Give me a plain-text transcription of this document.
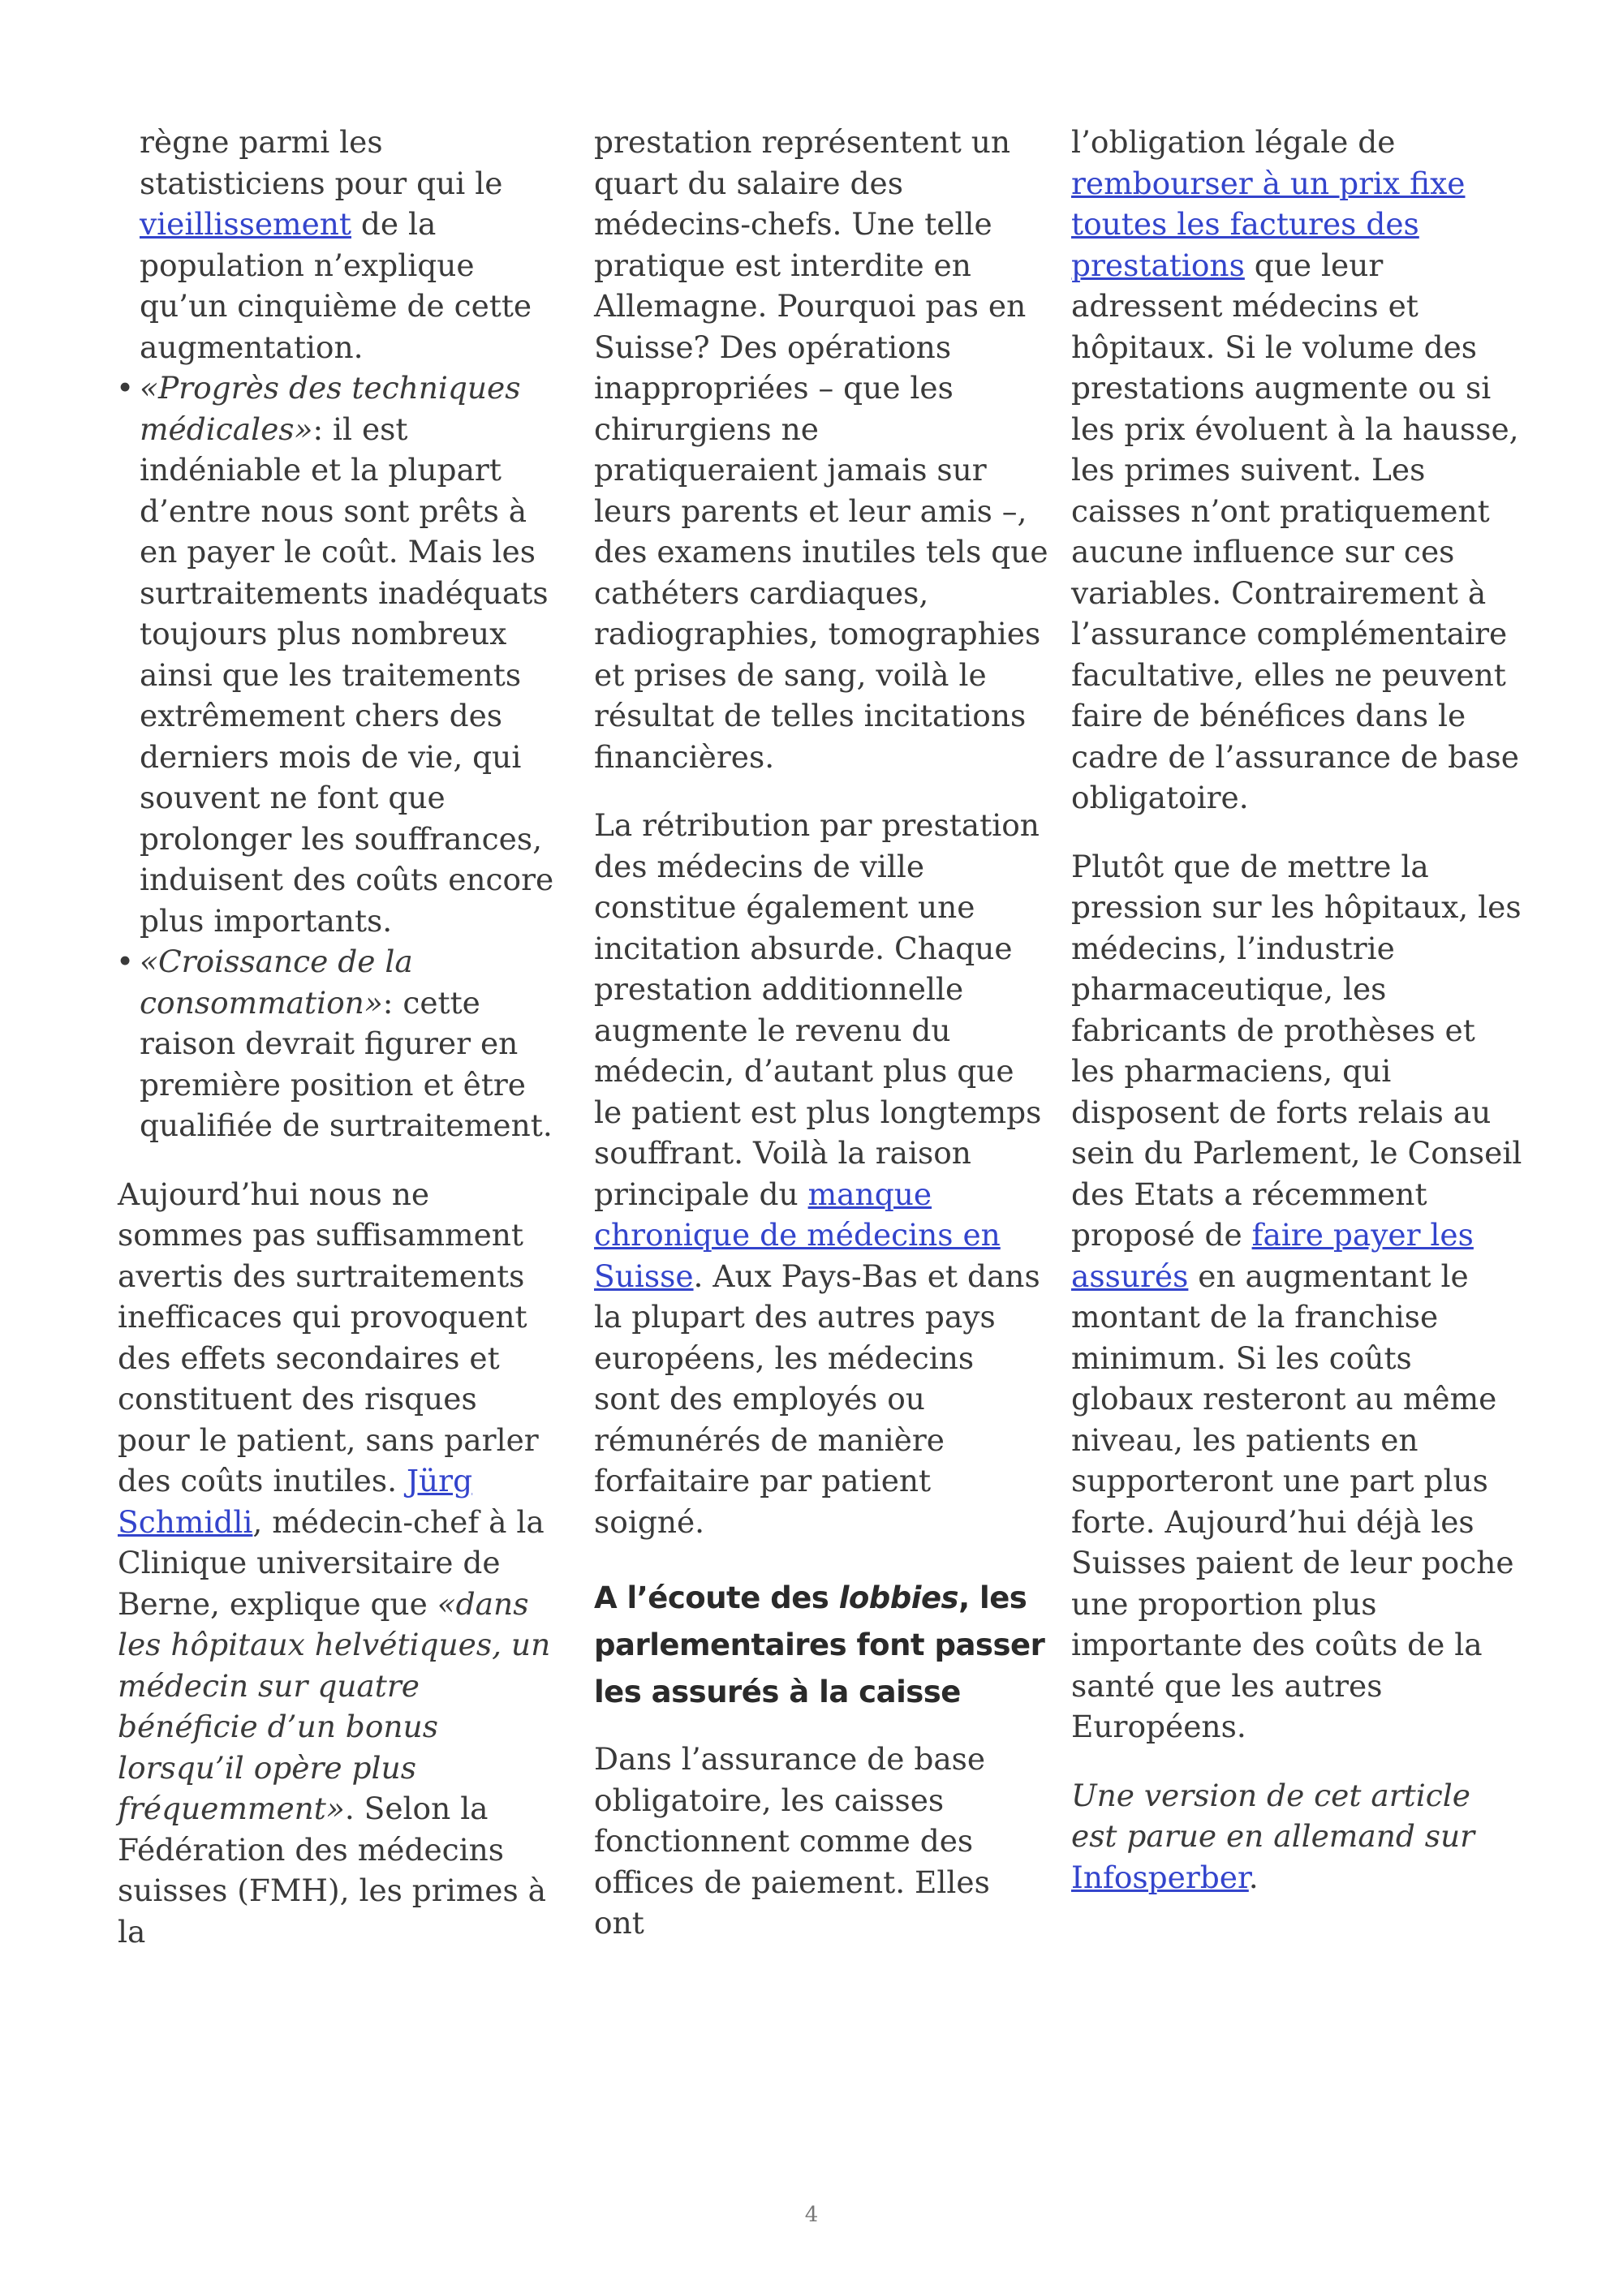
règne parmi les statisticiens pour qui le vieillissement de la population n’explique qu’un cinquième de cette augmentation.

• «Progrès des techniques médicales»: il est indéniable et la plupart d’entre nous sont prêts à en payer le coût. Mais les surtraitements inadéquats toujours plus nombreux ainsi que les traitements extrêmement chers des derniers mois de vie, qui souvent ne font que prolonger les souffrances, induisent des coûts encore plus importants.
• «Croissance de la consommation»: cette raison devrait figurer en première position et être qualifiée de surtraitement.

Aujourd’hui nous ne sommes pas suffisamment avertis des surtraitements inefficaces qui provoquent des effets secondaires et constituent des risques pour le patient, sans parler des coûts inutiles. Jürg Schmidli, médecin-chef à la Clinique universitaire de Berne, explique que «dans les hôpitaux helvétiques, un médecin sur quatre bénéficie d’un bonus lorsqu’il opère plus fréquemment». Selon la Fédération des médecins suisses (FMH), les primes à la

prestation représentent un quart du salaire des médecins-chefs. Une telle pratique est interdite en Allemagne. Pourquoi pas en Suisse? Des opérations inappropriées – que les chirurgiens ne pratiqueraient jamais sur leurs parents et leur amis –, des examens inutiles tels que cathéters cardiaques, radiographies, tomographies et prises de sang, voilà le résultat de telles incitations financières.

La rétribution par prestation des médecins de ville constitue également une incitation absurde. Chaque prestation additionnelle augmente le revenu du médecin, d’autant plus que le patient est plus longtemps souffrant. Voilà la raison principale du manque chronique de médecins en Suisse. Aux Pays-Bas et dans la plupart des autres pays européens, les médecins sont des employés ou rémunérés de manière forfaitaire par patient soigné.

A l’écoute des lobbies, les parlementaires font passer les assurés à la caisse

Dans l’assurance de base obligatoire, les caisses fonctionnent comme des offices de paiement. Elles ont

l’obligation légale de rembourser à un prix fixe toutes les factures des prestations que leur adressent médecins et hôpitaux. Si le volume des prestations augmente ou si les prix évoluent à la hausse, les primes suivent. Les caisses n’ont pratiquement aucune influence sur ces variables. Contrairement à l’assurance complémentaire facultative, elles ne peuvent faire de bénéfices dans le cadre de l’assurance de base obligatoire.

Plutôt que de mettre la pression sur les hôpitaux, les médecins, l’industrie pharmaceutique, les fabricants de prothèses et les pharmaciens, qui disposent de forts relais au sein du Parlement, le Conseil des Etats a récemment proposé de faire payer les assurés en augmentant le montant de la franchise minimum. Si les coûts globaux resteront au même niveau, les patients en supporteront une part plus forte. Aujourd’hui déjà les Suisses paient de leur poche une proportion plus importante des coûts de la santé que les autres Européens.

Une version de cet article est parue en allemand sur Infosperber.

4
